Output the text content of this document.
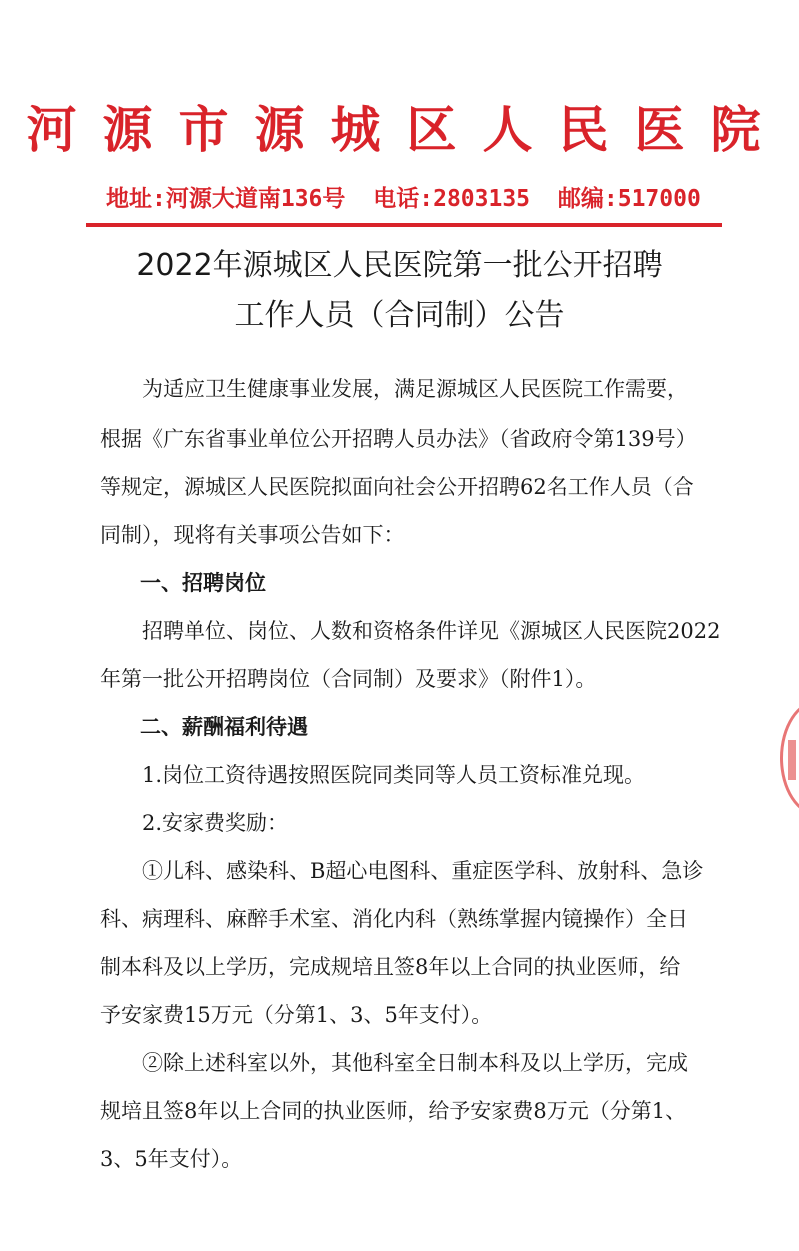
河源市源城区人民医院
地址:河源大道南136号 电话:2803135 邮编:517000
2022年源城区人民医院第一批公开招聘
工作人员（合同制）公告
　　为适应卫生健康事业发展，满足源城区人民医院工作需要，
根据《广东省事业单位公开招聘人员办法》（省政府令第139号）
等规定，源城区人民医院拟面向社会公开招聘62名工作人员（合
同制），现将有关事项公告如下：
一、招聘岗位
　　招聘单位、岗位、人数和资格条件详见《源城区人民医院2022
年第一批公开招聘岗位（合同制）及要求》（附件1）。
二、薪酬福利待遇
　　1.岗位工资待遇按照医院同类同等人员工资标准兑现。
　　2.安家费奖励：
　　①儿科、感染科、B超心电图科、重症医学科、放射科、急诊
科、病理科、麻醉手术室、消化内科（熟练掌握内镜操作）全日
制本科及以上学历，完成规培且签8年以上合同的执业医师，给
予安家费15万元（分第1、3、5年支付）。
　　②除上述科室以外，其他科室全日制本科及以上学历，完成
规培且签8年以上合同的执业医师，给予安家费8万元（分第1、
3、5年支付）。
